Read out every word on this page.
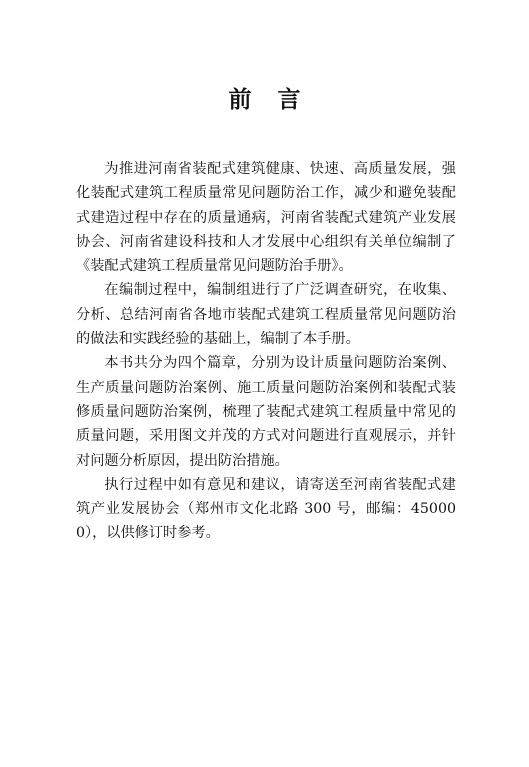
前言

为推进河南省装配式建筑健康、快速、高质量发展，强化装配式建筑工程质量常见问题防治工作，减少和避免装配式建造过程中存在的质量通病，河南省装配式建筑产业发展协会、河南省建设科技和人才发展中心组织有关单位编制了《装配式建筑工程质量常见问题防治手册》。

在编制过程中，编制组进行了广泛调查研究，在收集、分析、总结河南省各地市装配式建筑工程质量常见问题防治的做法和实践经验的基础上，编制了本手册。

本书共分为四个篇章，分别为设计质量问题防治案例、生产质量问题防治案例、施工质量问题防治案例和装配式装修质量问题防治案例，梳理了装配式建筑工程质量中常见的质量问题，采用图文并茂的方式对问题进行直观展示，并针对问题分析原因，提出防治措施。

执行过程中如有意见和建议，请寄送至河南省装配式建筑产业发展协会（郑州市文化北路 300 号，邮编：450000），以供修订时参考。
